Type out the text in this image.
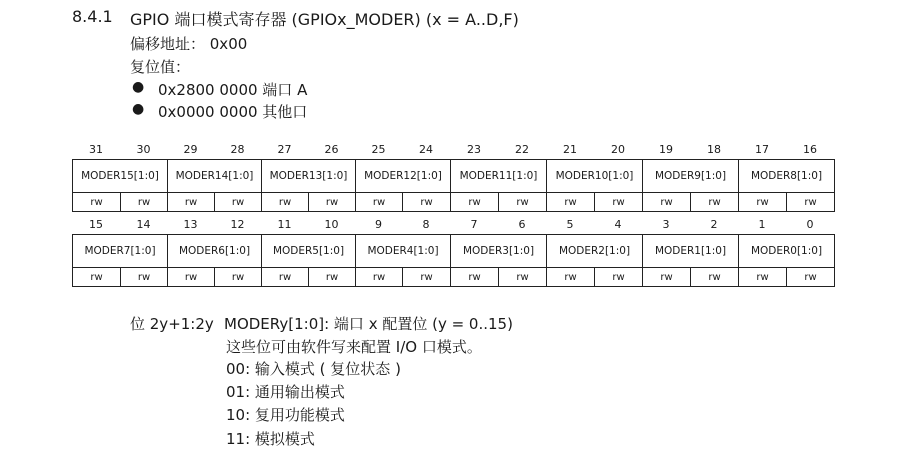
8.4.1 GPIO 端口模式寄存器 (GPIOx_MODER) (x = A..D,F)
偏移地址： 0x00
复位值：
● 0x2800 0000 端口 A
● 0x0000 0000 其他口
31	30	29	28	27	26	25	24	23	22	21	20	19	18	17	16
MODER15[1:0]		MODER14[1:0]		MODER13[1:0]		MODER12[1:0]		MODER11[1:0]		MODER10[1:0]		MODER9[1:0]		MODER8[1:0]	
rw	rw	rw	rw	rw	rw	rw	rw	rw	rw	rw	rw	rw	rw	rw	rw
15	14	13	12	11	10	9	8	7	6	5	4	3	2	1	0
MODER7[1:0]		MODER6[1:0]		MODER5[1:0]		MODER4[1:0]		MODER3[1:0]		MODER2[1:0]		MODER1[1:0]		MODER0[1:0]	
rw	rw	rw	rw	rw	rw	rw	rw	rw	rw	rw	rw	rw	rw	rw	rw
位 2y+1:2y MODERy[1:0]: 端口 x 配置位 (y = 0..15)
这些位可由软件写来配置 I/O 口模式。
00: 输入模式 ( 复位状态 )
01: 通用输出模式
10: 复用功能模式
11: 模拟模式
